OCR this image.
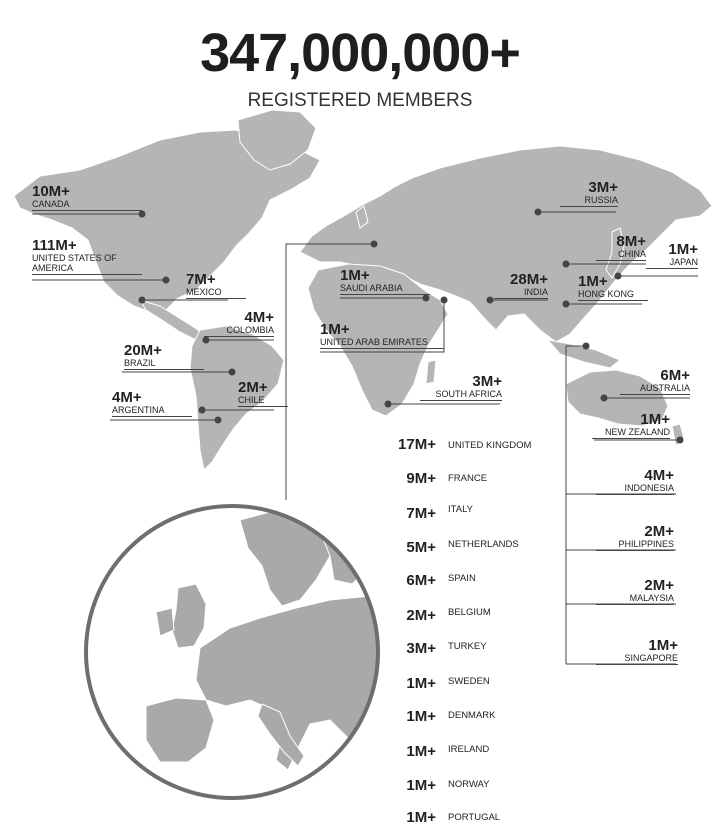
347,000,000+
REGISTERED MEMBERS
10M+
CANADA
111M+
UNITED STATES OF AMERICA
7M+
MEXICO
4M+
COLOMBIA
20M+
BRAZIL
2M+
CHILE
4M+
ARGENTINA
1M+
SAUDI ARABIA
1M+
UNITED ARAB EMIRATES
3M+
SOUTH AFRICA
3M+
RUSSIA
8M+
CHINA	1M+
JAPAN
28M+
INDIA
1M+
HONG KONG
6M+
AUSTRALIA
1M+
NEW ZEALAND
4M+
INDONESIA
2M+
PHILIPPINES
2M+
MALAYSIA
1M+
SINGAPORE
17M+ UNITED KINGDOM
9M+ FRANCE
7M+ ITALY
5M+ NETHERLANDS
6M+ SPAIN
2M+ BELGIUM
3M+ TURKEY
1M+ SWEDEN
1M+ DENMARK
1M+ IRELAND
1M+ NORWAY
1M+ PORTUGAL
